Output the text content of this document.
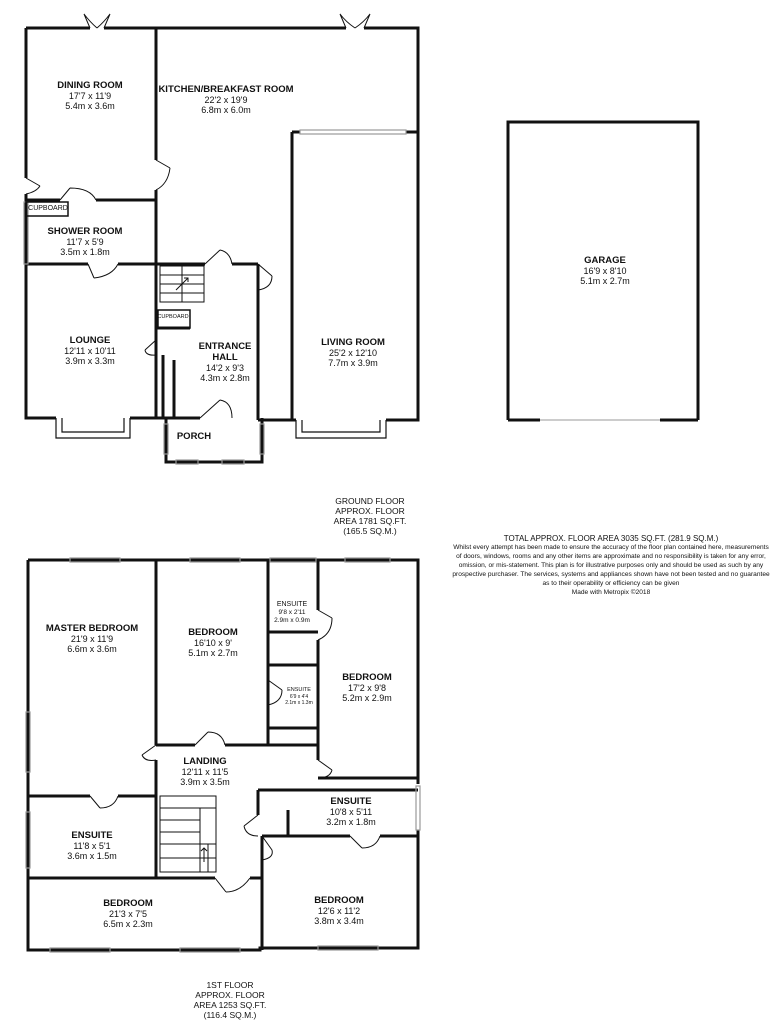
DINING ROOM
17'7 x 11'9
5.4m x 3.6m
KITCHEN/BREAKFAST ROOM
22'2 x 19'9
6.8m x 6.0m
CUPBOARD
SHOWER ROOM
11'7 x 5'9
3.5m x 1.8m
CUPBOARD
LOUNGE
12'11 x 10'11
3.9m x 3.3m
ENTRANCE
HALL
14'2 x 9'3
4.3m x 2.8m
LIVING ROOM
25'2 x 12'10
7.7m x 3.9m
PORCH
GARAGE
16'9 x 8'10
5.1m x 2.7m
GROUND FLOOR
APPROX. FLOOR
AREA 1781 SQ.FT.
(165.5 SQ.M.)
TOTAL APPROX. FLOOR AREA 3035 SQ.FT. (281.9 SQ.M.)
Whilst every attempt has been made to ensure the accuracy of the floor plan contained here, measurements
of doors, windows, rooms and any other items are approximate and no responsibility is taken for any error,
omission, or mis-statement. This plan is for illustrative purposes only and should be used as such by any
prospective purchaser. The services, systems and appliances shown have not been tested and no guarantee
as to their operability or efficiency can be given
Made with Metropix ©2018
MASTER BEDROOM
21'9 x 11'9
6.6m x 3.6m
BEDROOM
16'10 x 9'
5.1m x 2.7m
ENSUITE
9'8 x 2'11
2.9m x 0.9m
ENSUITE
6'9 x 4'4
2.1m x 1.3m
BEDROOM
17'2 x 9'8
5.2m x 2.9m
LANDING
12'11 x 11'5
3.9m x 3.5m
ENSUITE
10'8 x 5'11
3.2m x 1.8m
ENSUITE
11'8 x 5'1
3.6m x 1.5m
BEDROOM
21'3 x 7'5
6.5m x 2.3m
BEDROOM
12'6 x 11'2
3.8m x 3.4m
1ST FLOOR
APPROX. FLOOR
AREA 1253 SQ.FT.
(116.4 SQ.M.)
